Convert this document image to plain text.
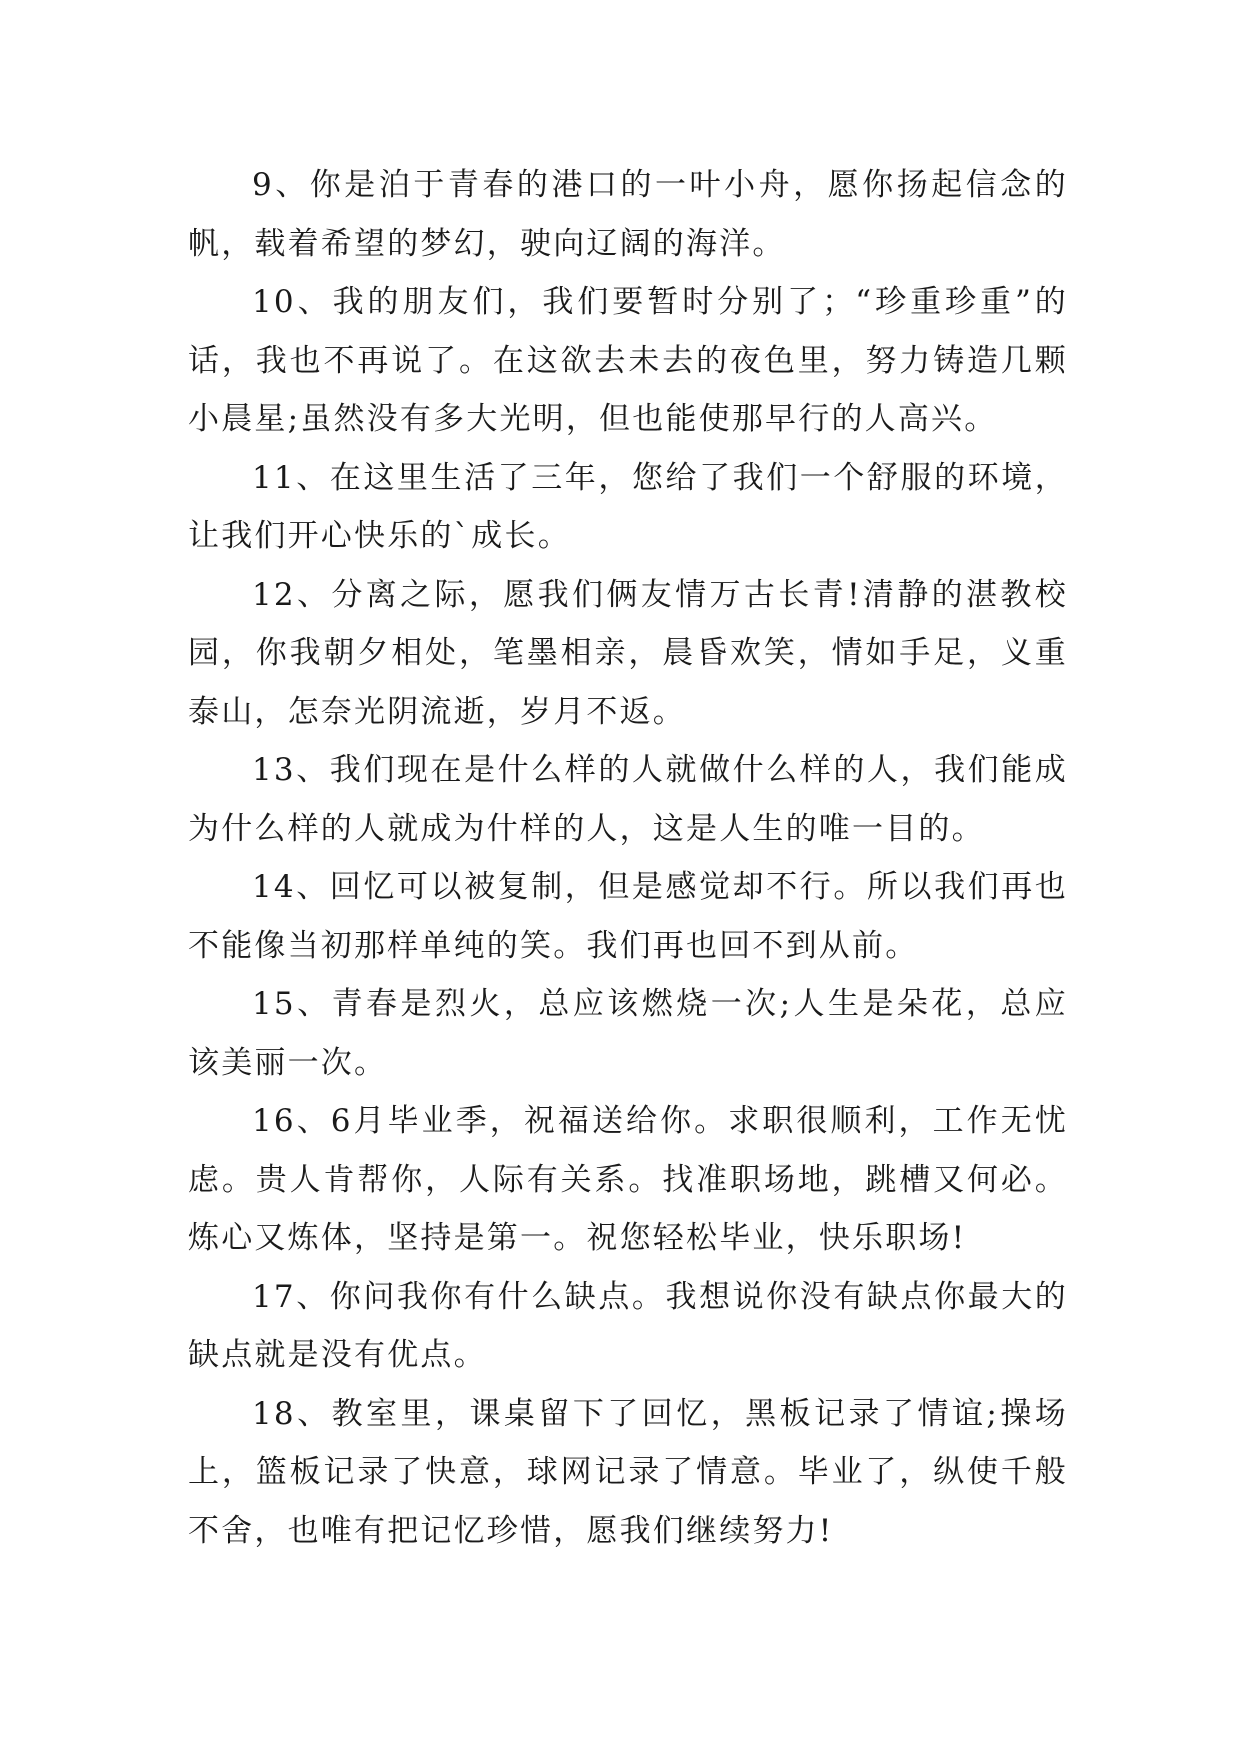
9、你是泊于青春的港口的一叶小舟，愿你扬起信念的帆，载着希望的梦幻，驶向辽阔的海洋。

10、我的朋友们，我们要暂时分别了；“珍重珍重”的话，我也不再说了。在这欲去未去的夜色里，努力铸造几颗小晨星;虽然没有多大光明，但也能使那早行的人高兴。

11、在这里生活了三年，您给了我们一个舒服的环境，让我们开心快乐的`成长。

12、分离之际，愿我们俩友情万古长青!清静的湛教校园，你我朝夕相处，笔墨相亲，晨昏欢笑，情如手足，义重泰山，怎奈光阴流逝，岁月不返。

13、我们现在是什么样的人就做什么样的人，我们能成为什么样的人就成为什样的人，这是人生的唯一目的。

14、回忆可以被复制，但是感觉却不行。所以我们再也不能像当初那样单纯的笑。我们再也回不到从前。

15、青春是烈火，总应该燃烧一次;人生是朵花，总应该美丽一次。

16、6月毕业季，祝福送给你。求职很顺利，工作无忧虑。贵人肯帮你，人际有关系。找准职场地，跳槽又何必。炼心又炼体，坚持是第一。祝您轻松毕业，快乐职场!

17、你问我你有什么缺点。我想说你没有缺点你最大的缺点就是没有优点。

18、教室里，课桌留下了回忆，黑板记录了情谊;操场上，篮板记录了快意，球网记录了情意。毕业了，纵使千般不舍，也唯有把记忆珍惜，愿我们继续努力!
